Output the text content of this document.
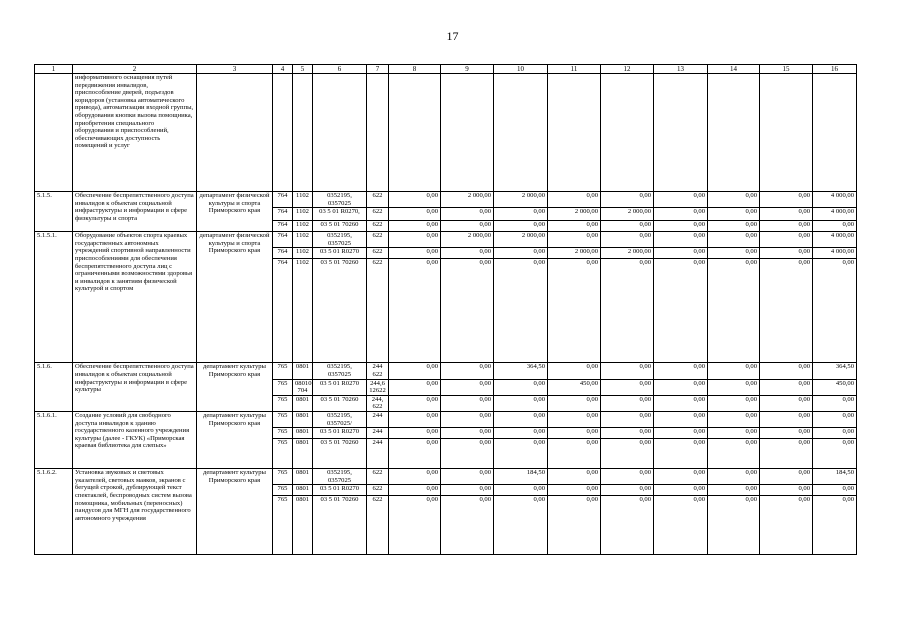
17
1	2	3	4	5	6	7	8	9	10	11	12	13	14	15	16
	информативного оснащения путей передвижения инвалидов, приспособление дверей, подъездов коридоров (установка автоматического привода), автоматизации входной группы, оборудования кнопки вызова помощника, приобретения специального оборудования и приспособлений, обеспечивающих доступность помещений и услуг														
5.1.5.	Обеспечение беспрепятственного доступа инвалидов к объектам социальной инфраструктуры и информации в сфере физкультуры и спорта	департамент физической культуры и спорта Приморского края	764	1102	0352195, 0357025	622	0,00	2 000,00	2 000,00	0,00	0,00	0,00	0,00	0,00	4 000,00
			764	1102	03 5 01 R0270,	622	0,00	0,00	0,00	2 000,00	2 000,00	0,00	0,00	0,00	4 000,00
			764	1102	03 5 01 70260	622	0,00	0,00	0,00	0,00	0,00	0,00	0,00	0,00	0,00
5.1.5.1.	Оборудование объектов спорта краевых государственных автономных учреждений спортивной направленности приспособлениями для обеспечения беспрепятственного доступа лиц с ограниченными возможностями здоровья и инвалидов к занятиям физической культурой и спортом	департамент физической культуры и спорта Приморского края	764	1102	0352195, 0357025	622	0,00	2 000,00	2 000,00	0,00	0,00	0,00	0,00	0,00	4 000,00
			764	1102	03 5 01 R0270	622	0,00	0,00	0,00	2 000,00	2 000,00	0,00	0,00	0,00	4 000,00
			764	1102	03 5 01 70260	622	0,00	0,00	0,00	0,00	0,00	0,00	0,00	0,00	0,00
5.1.6.	Обеспечение беспрепятственного доступа инвалидов к объектам социальной инфраструктуры и информации в сфере культуры	департамент культуры Приморского края	765	0801	0352195, 0357025	244 622	0,00	0,00	364,50	0,00	0,00	0,00	0,00	0,00	364,50
			765	08010 704	03 5 01 R0270	244,6 12622	0,00	0,00	0,00	450,00	0,00	0,00	0,00	0,00	450,00
			765	0801	03 5 01 70260	244, 622	0,00	0,00	0,00	0,00	0,00	0,00	0,00	0,00	0,00
5.1.6.1.	Создание условий для свободного доступа инвалидов к зданию государственного казенного учреждения культуры (далее - ГКУК) «Приморская краевая библиотека для слепых»	департамент культуры Приморского края	765	0801	0352195, 0357025/	244	0,00	0,00	0,00	0,00	0,00	0,00	0,00	0,00	0,00
			765	0801	03 5 01 R0270	244	0,00	0,00	0,00	0,00	0,00	0,00	0,00	0,00	0,00
			765	0801	03 5 01 70260	244	0,00	0,00	0,00	0,00	0,00	0,00	0,00	0,00	0,00
5.1.6.2.	Установка звуковых и световых указателей, световых маяков, экранов с бегущей строкой, дублирующей текст спектаклей, беспроводных систем вызова помощника, мобильных (переносных) пандусов для МГН для государственного автономного учреждения	департамент культуры Приморского края	765	0801	0352195, 0357025	622	0,00	0,00	184,50	0,00	0,00	0,00	0,00	0,00	184,50
			765	0801	03 5 01 R0270	622	0,00	0,00	0,00	0,00	0,00	0,00	0,00	0,00	0,00
			765	0801	03 5 01 70260	622	0,00	0,00	0,00	0,00	0,00	0,00	0,00	0,00	0,00
